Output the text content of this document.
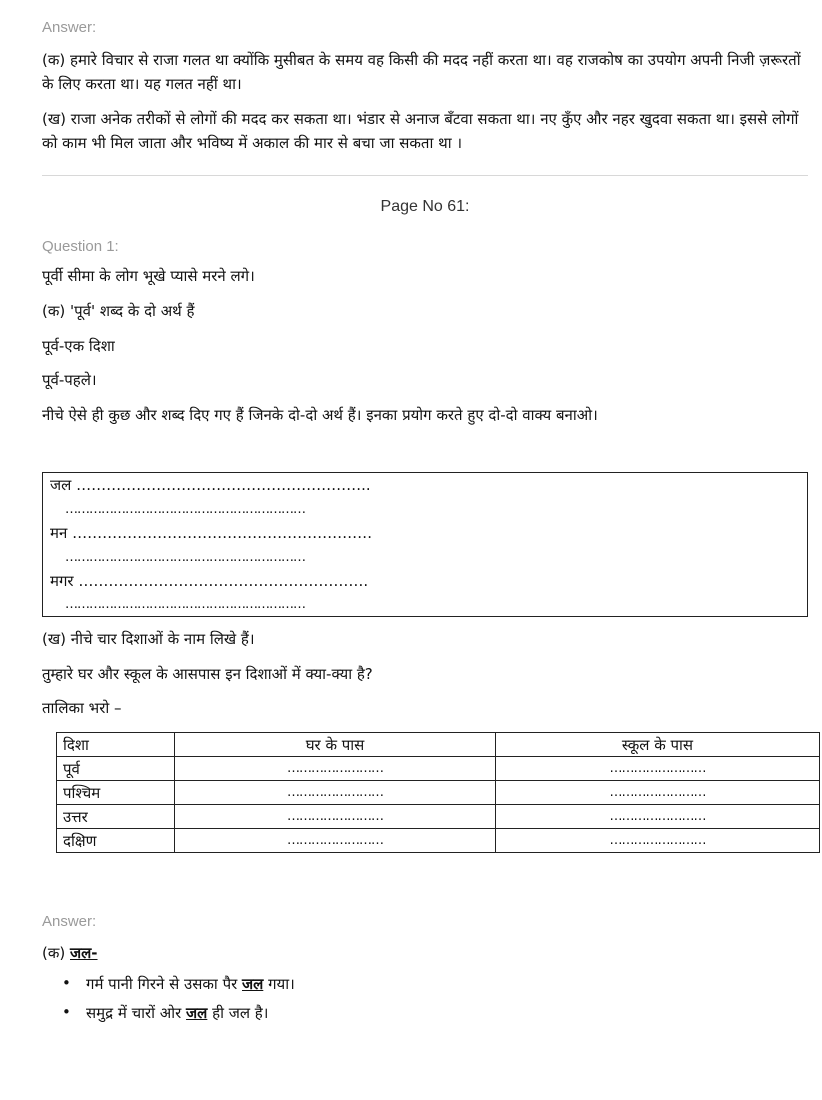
Answer:
(क) हमारे विचार से राजा गलत था क्योंकि मुसीबत के समय वह किसी की मदद नहीं करता था। वह राजकोष का उपयोग अपनी निजी ज़रूरतों के लिए करता था। यह गलत नहीं था।
(ख) राजा अनेक तरीकों से लोगों की मदद कर सकता था। भंडार से अनाज बँटवा सकता था। नए कुँए और नहर खुदवा सकता था। इससे लोगों को काम भी मिल जाता और भविष्य में अकाल की मार से बचा जा सकता था ।
Page No 61:
Question 1:
पूर्वी सीमा के लोग भूखे प्यासे मरने लगे।
(क) 'पूर्व' शब्द के दो अर्थ हैं
पूर्व-एक दिशा
पूर्व-पहले।
नीचे ऐसे ही कुछ और शब्द दिए गए हैं जिनके दो-दो अर्थ हैं। इनका प्रयोग करते हुए दो-दो वाक्य बनाओ।
जल …………………………………………………..
……………………………………………………
मन ……………………………………………………
……………………………………………………
मगर ………………………………………………….
……………………………………………………
(ख) नीचे चार दिशाओं के नाम लिखे हैं।
तुम्हारे घर और स्कूल के आसपास इन दिशाओं में क्या-क्या है?
तालिका भरो –
दिशा	घर के पास	स्कूल के पास
पूर्व	……………………	……………………
पश्चिम	……………………	……………………
उत्तर	……………………	……………………
दक्षिण	……………………	……………………
Answer:
(क) जल-
• गर्म पानी गिरने से उसका पैर जल गया।
• समुद्र में चारों ओर जल ही जल है।
